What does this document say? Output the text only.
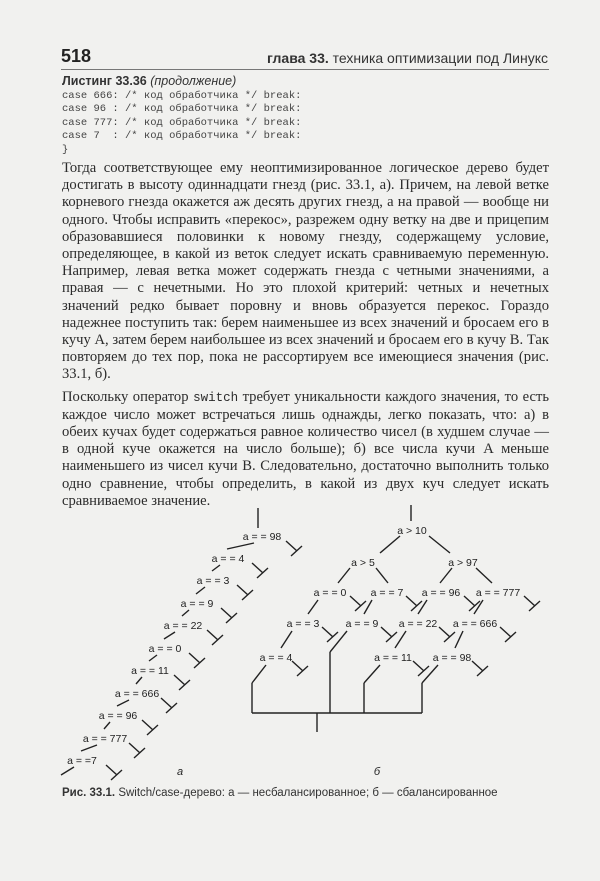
518	глава 33. техника оптимизации под Линукс
Листинг 33.36 (продолжение)
case 666: /* код обработчика */ break:
case 96 : /* код обработчика */ break:
case 777: /* код обработчика */ break:
case 7  : /* код обработчика */ break:
}

Тогда соответствующее ему неоптимизированное логическое дерево будет достигать в высоту одиннадцати гнезд (рис. 33.1, а). Причем, на левой ветке корневого гнезда окажется аж десять других гнезд, а на правой — вообще ни одного. Чтобы исправить «перекос», разрежем одну ветку на две и прицепим образовавшиеся половинки к новому гнезду, содержащему условие, определяющее, в какой из веток следует искать сравниваемую переменную. Например, левая ветка может содержать гнезда с четными значениями, а правая — с нечетными. Но это плохой критерий: четных и нечетных значений редко бывает поровну и вновь образуется перекос. Гораздо надежнее поступить так: берем наименьшее из всех значений и бросаем его в кучу A, затем берем наибольшее из всех значений и бросаем его в кучу B. Так повторяем до тех пор, пока не рассортируем все имеющиеся значения (рис. 33.1, б).

Поскольку оператор switch требует уникальности каждого значения, то есть каждое число может встречаться лишь однажды, легко показать, что: а) в обеих кучах будет содержаться равное количество чисел (в худшем случае — в одной куче окажется на число больше); б) все числа кучи A меньше наименьшего из чисел кучи B. Следовательно, достаточно выполнить только одно сравнение, чтобы определить, в какой из двух куч следует искать сравниваемое значение.

a = = 98
a = = 4
a = = 3
a = = 9
a = = 22
a = = 0
a = = 11
a = = 666
a = = 96
a = = 777
a = =7
a > 10
a > 5	a > 97
a = = 0 a = = 7 a = = 96 a = = 777
a = = 3	a = = 9 a = = 22 a = = 666
a = = 4	a = = 11 a = = 98
а	б
Рис. 33.1. Switch/case-дерево: а — несбалансированное; б — сбалансированное
